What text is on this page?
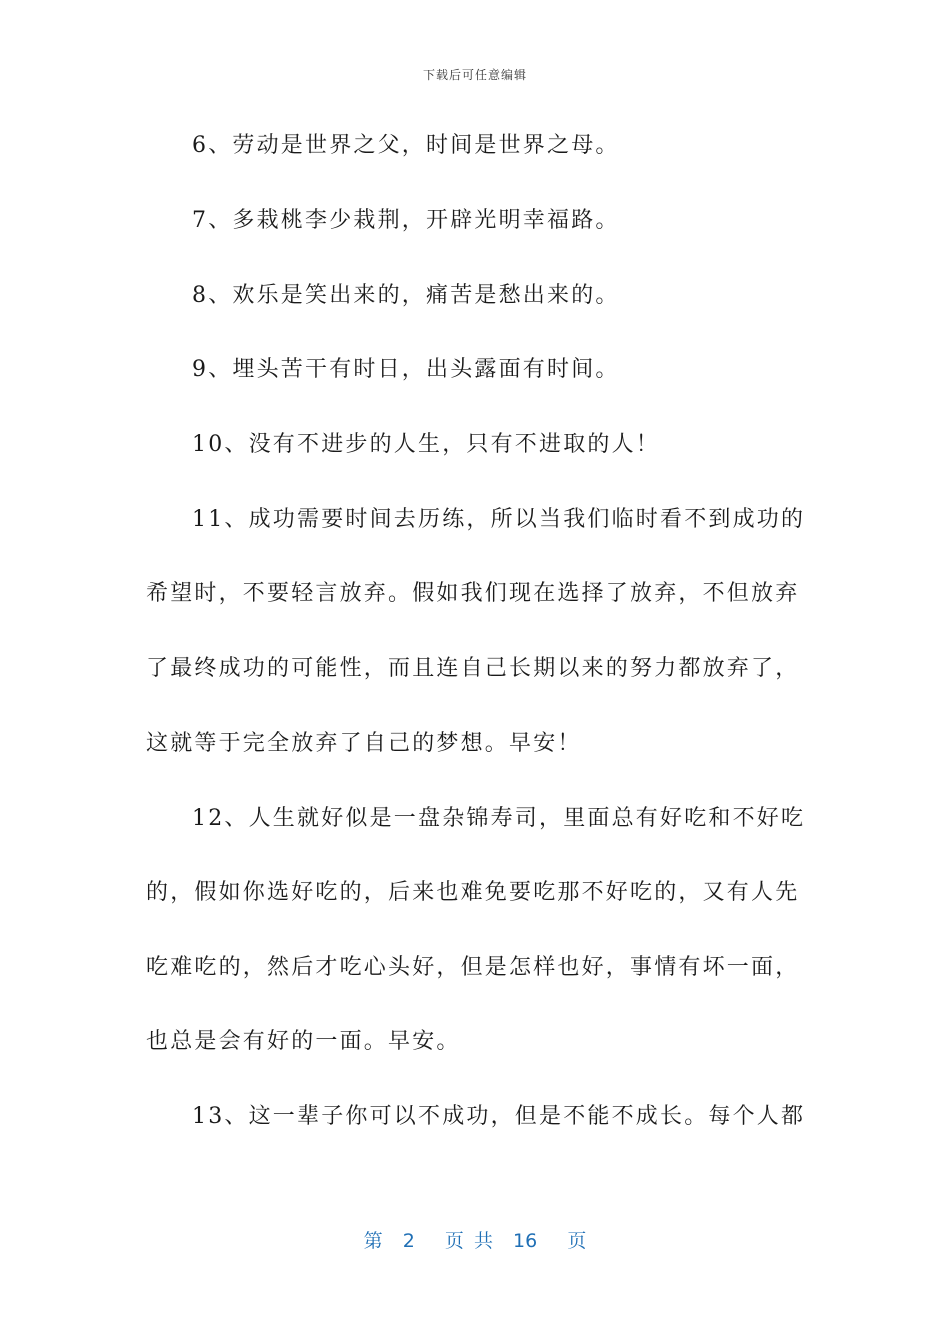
下载后可任意编辑
6、劳动是世界之父，时间是世界之母。
7、多栽桃李少栽荆，开辟光明幸福路。
8、欢乐是笑出来的，痛苦是愁出来的。
9、埋头苦干有时日，出头露面有时间。
10、没有不进步的人生，只有不进取的人！
11、成功需要时间去历练，所以当我们临时看不到成功的
希望时，不要轻言放弃。假如我们现在选择了放弃，不但放弃
了最终成功的可能性，而且连自己长期以来的努力都放弃了，
这就等于完全放弃了自己的梦想。早安！
12、人生就好似是一盘杂锦寿司，里面总有好吃和不好吃
的，假如你选好吃的，后来也难免要吃那不好吃的，又有人先
吃难吃的，然后才吃心头好，但是怎样也好，事情有坏一面，
也总是会有好的一面。早安。
13、这一辈子你可以不成功，但是不能不成长。每个人都
第  2   页 共  16   页
